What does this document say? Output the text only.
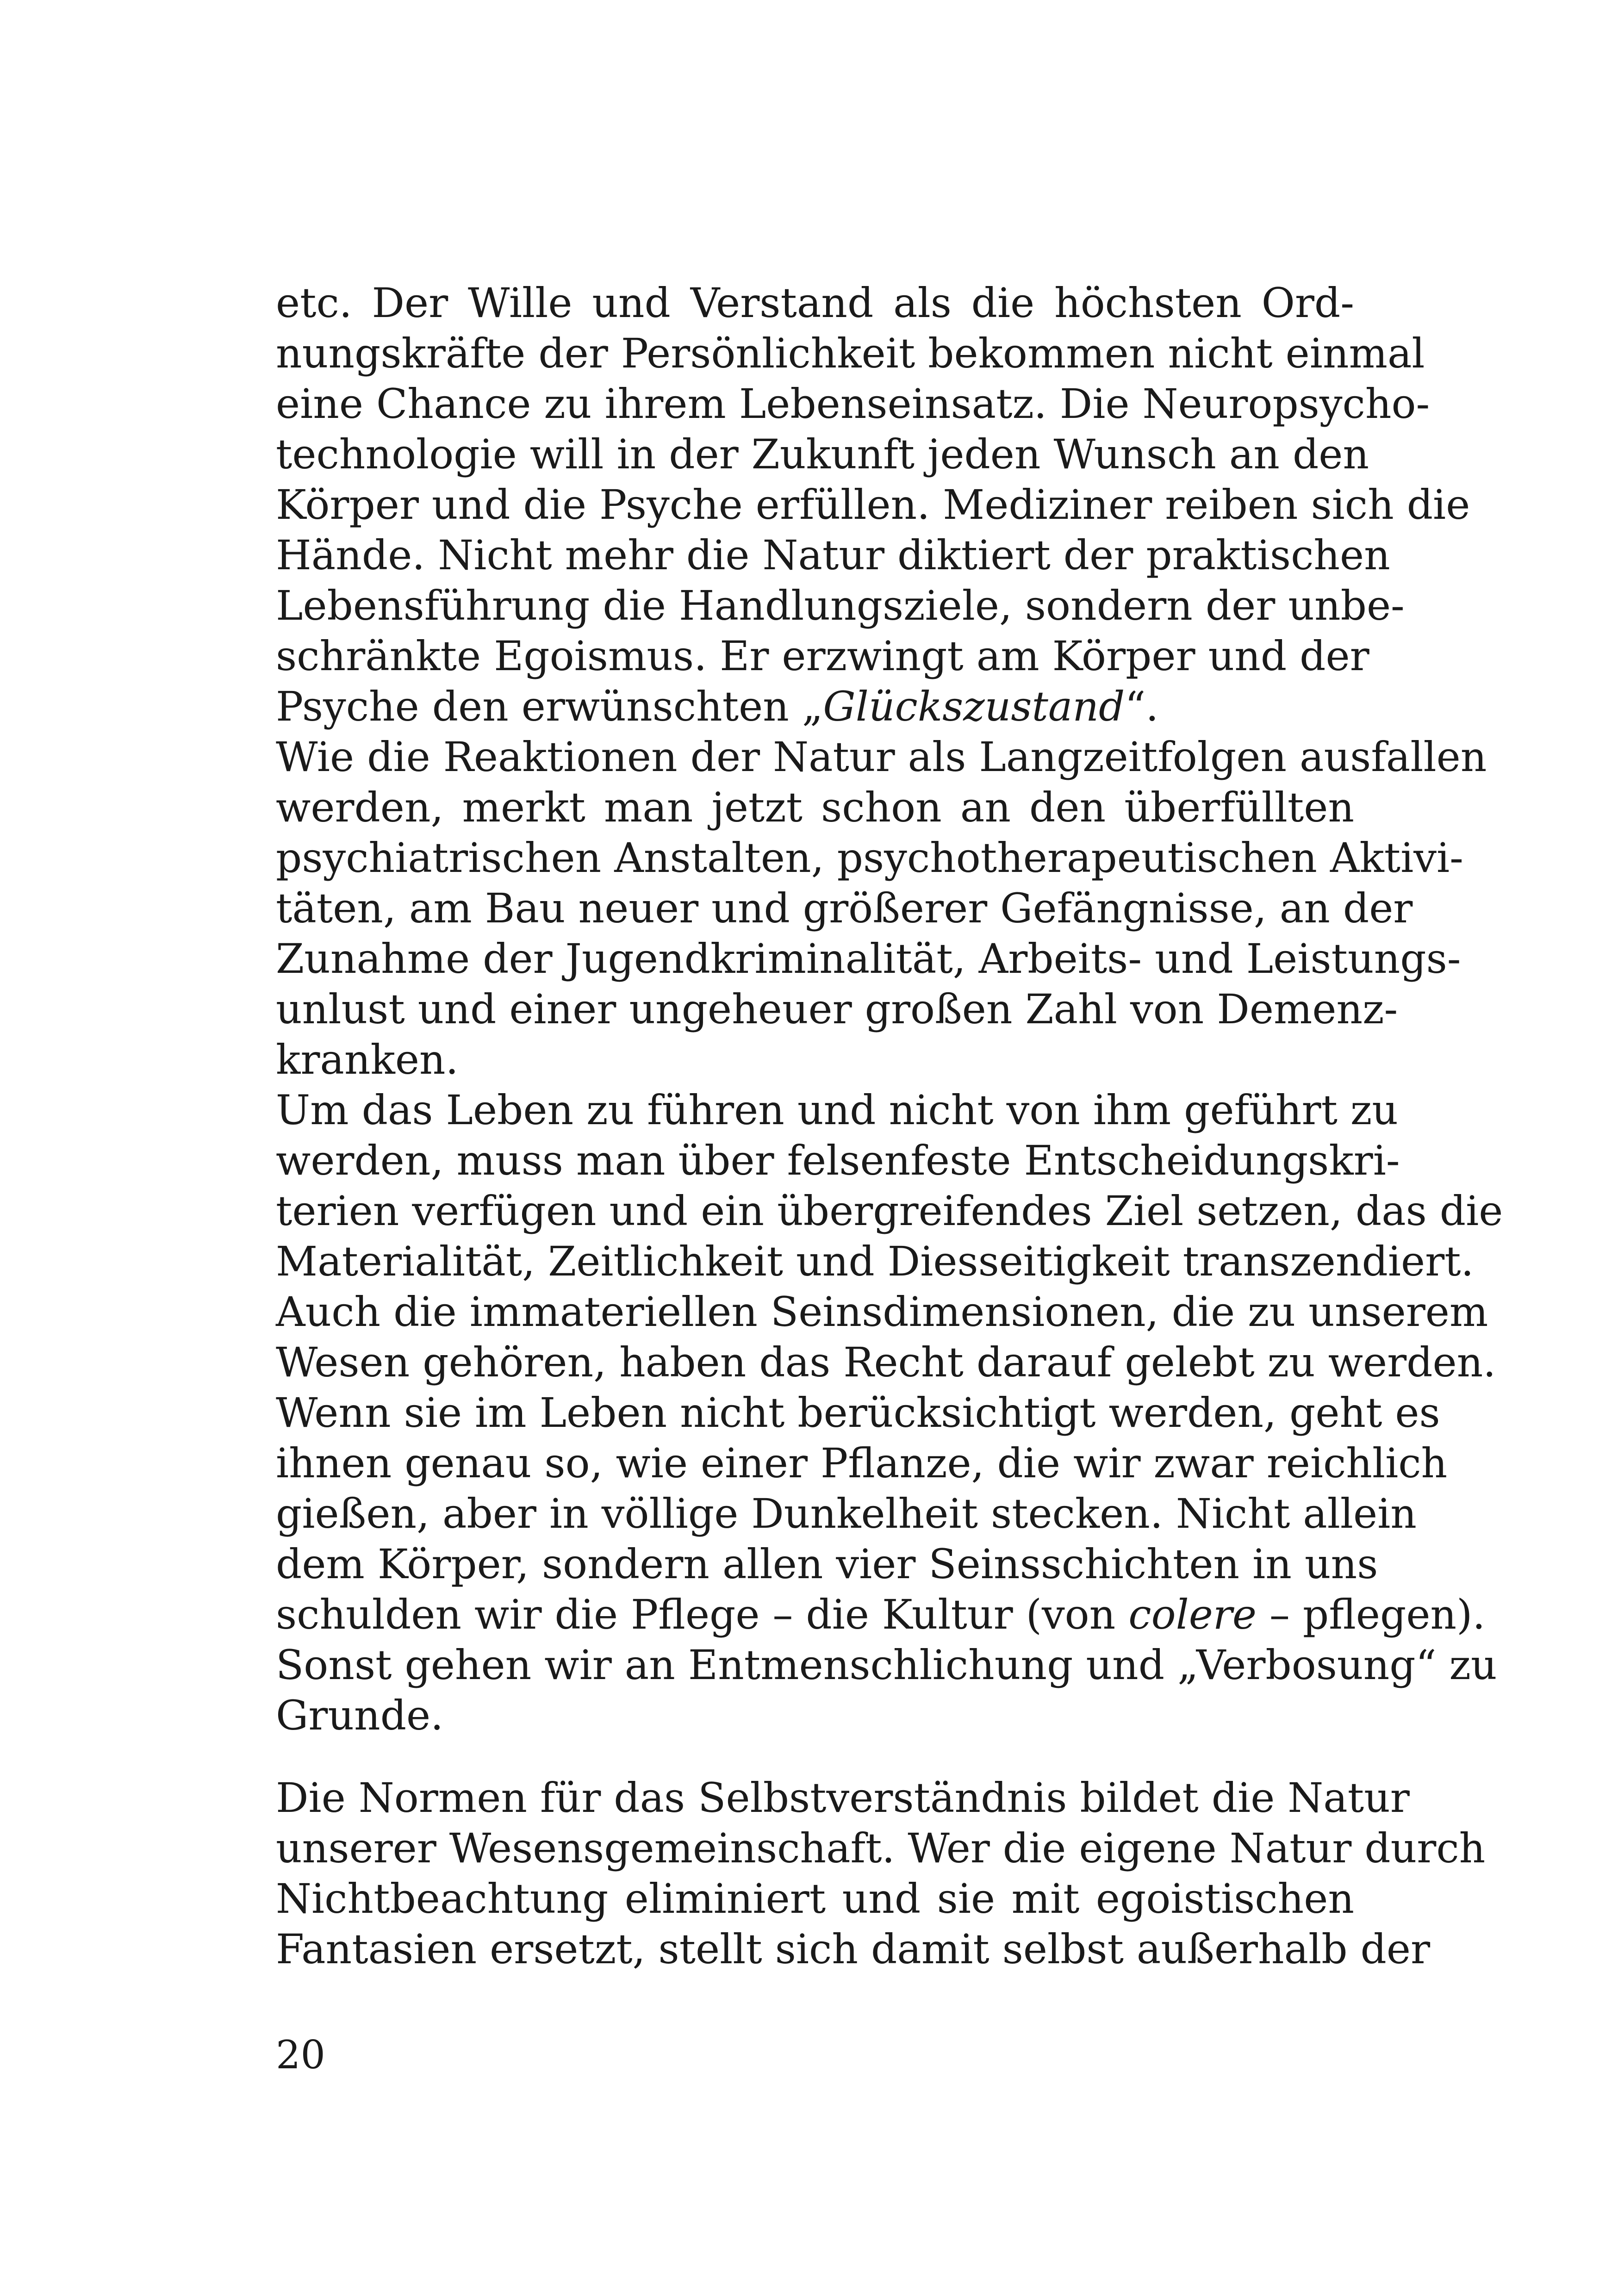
etc. Der Wille und Verstand als die höchsten Ord-
nungskräfte der Persönlichkeit bekommen nicht einmal
eine Chance zu ihrem Lebenseinsatz. Die Neuropsycho-
technologie will in der Zukunft jeden Wunsch an den
Körper und die Psyche erfüllen. Mediziner reiben sich die
Hände. Nicht mehr die Natur diktiert der praktischen
Lebensführung die Handlungsziele, sondern der unbe-
schränkte Egoismus. Er erzwingt am Körper und der
Psyche den erwünschten „Glückszustand“.
Wie die Reaktionen der Natur als Langzeitfolgen ausfallen
werden, merkt man jetzt schon an den überfüllten
psychiatrischen Anstalten, psychotherapeutischen Aktivi-
täten, am Bau neuer und größerer Gefängnisse, an der
Zunahme der Jugendkriminalität, Arbeits- und Leistungs-
unlust und einer ungeheuer großen Zahl von Demenz-
kranken.
Um das Leben zu führen und nicht von ihm geführt zu
werden, muss man über felsenfeste Entscheidungskri-
terien verfügen und ein übergreifendes Ziel setzen, das die
Materialität, Zeitlichkeit und Diesseitigkeit transzendiert.
Auch die immateriellen Seinsdimensionen, die zu unserem
Wesen gehören, haben das Recht darauf gelebt zu werden.
Wenn sie im Leben nicht berücksichtigt werden, geht es
ihnen genau so, wie einer Pflanze, die wir zwar reichlich
gießen, aber in völlige Dunkelheit stecken. Nicht allein
dem Körper, sondern allen vier Seinsschichten in uns
schulden wir die Pflege – die Kultur (von colere – pflegen).
Sonst gehen wir an Entmenschlichung und „Verbosung“ zu
Grunde.
Die Normen für das Selbstverständnis bildet die Natur
unserer Wesensgemeinschaft. Wer die eigene Natur durch
Nichtbeachtung eliminiert und sie mit egoistischen
Fantasien ersetzt, stellt sich damit selbst außerhalb der
20
